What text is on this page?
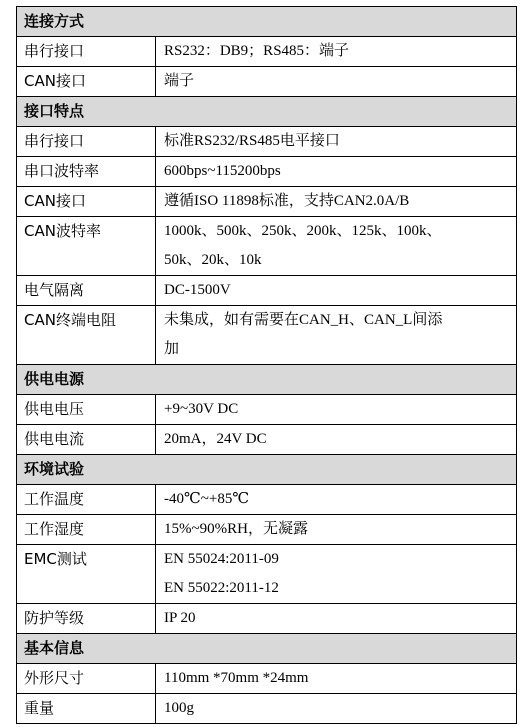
连接方式	
串行接口	RS232：DB9；RS485：端子

CAN接口	端子

接口特点	
串行接口	标准RS232/RS485电平接口

串口波特率	600bps~115200bps

CAN接口	遵循ISO 11898标准，支持CAN2.0A/B

CAN波特率	1000k、500k、250k、200k、125k、100k、
50k、20k、10k

电气隔离	DC-1500V

CAN终端电阻	未集成，如有需要在CAN_H、CAN_L间添
加

供电电源	
供电电压	+9~30V DC

供电电流	20mA，24V DC

环境试验	
工作温度	-40℃~+85℃

工作湿度	15%~90%RH，无凝露

EMC测试	EN 55024:2011-09
EN 55022:2011-12

防护等级	IP 20

基本信息	
外形尺寸	110mm *70mm *24mm

重量	100g
